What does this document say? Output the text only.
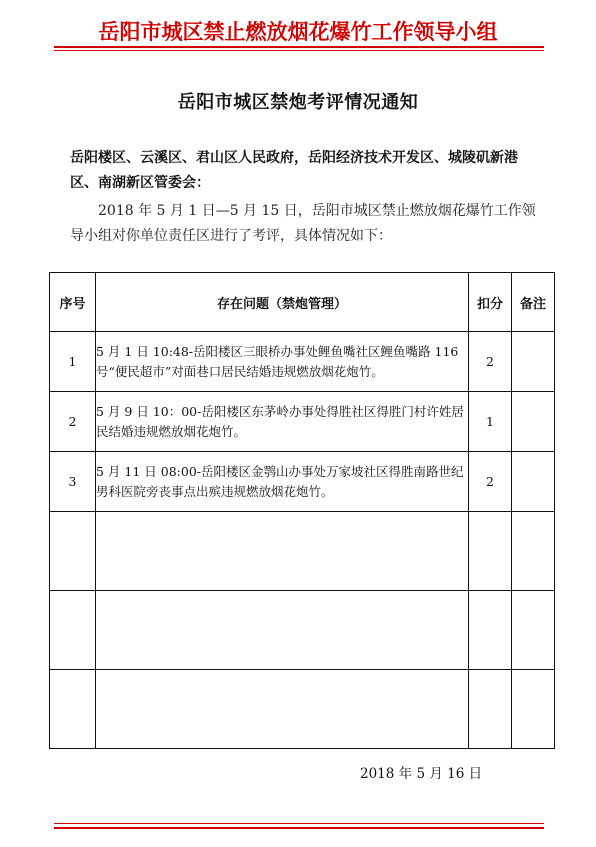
岳阳市城区禁止燃放烟花爆竹工作领导小组
岳阳市城区禁炮考评情况通知
岳阳楼区、云溪区、君山区人民政府，岳阳经济技术开发区、城陵矶新港区、南湖新区管委会：
2018 年 5 月 1 日—5 月 15 日，岳阳市城区禁止燃放烟花爆竹工作领导小组对你单位责任区进行了考评，具体情况如下：
序号	存在问题（禁炮管理）	扣分	备注
1	5 月 1 日 10:48-岳阳楼区三眼桥办事处鲤鱼嘴社区鲤鱼嘴路 116 号“便民超市”对面巷口居民结婚违规燃放烟花炮竹。	2	
2	5 月 9 日 10：00-岳阳楼区东茅岭办事处得胜社区得胜门村许姓居民结婚违规燃放烟花炮竹。	1	
3	5 月 11 日 08:00-岳阳楼区金鹗山办事处万家坡社区得胜南路世纪男科医院旁丧事点出殡违规燃放烟花炮竹。	2	

2018 年 5 月 16 日
